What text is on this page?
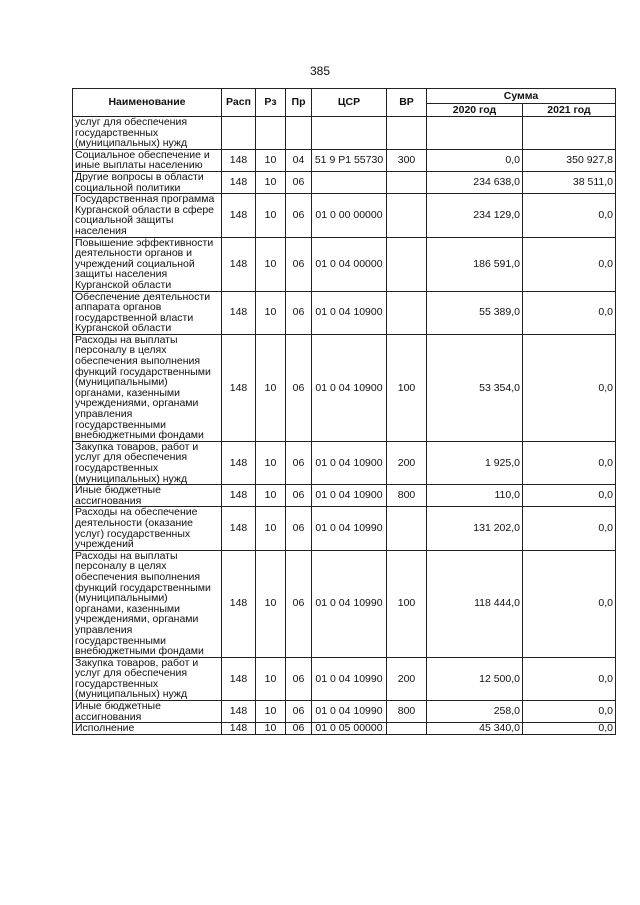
385
Наименование	Расп	Рз	Пр	ЦСР	ВР	Сумма	
						2020 год	2021 год
услуг для обеспечения государственных (муниципальных) нужд							
Социальное обеспечение и иные выплаты населению	148	10	04	51 9 Р1 55730	300	0,0	350 927,8
Другие вопросы в области социальной политики	148	10	06			234 638,0	38 511,0
Государственная программа Курганской области в сфере социальной защиты населения	148	10	06	01 0 00 00000		234 129,0	0,0
Повышение эффективности деятельности органов и учреждений социальной защиты населения Курганской области	148	10	06	01 0 04 00000		186 591,0	0,0
Обеспечение деятельности аппарата органов государственной власти Курганской области	148	10	06	01 0 04 10900		55 389,0	0,0
Расходы на выплаты персоналу в целях обеспечения выполнения функций государственными (муниципальными) органами, казенными учреждениями, органами управления государственными внебюджетными фондами	148	10	06	01 0 04 10900	100	53 354,0	0,0
Закупка товаров, работ и услуг для обеспечения государственных (муниципальных) нужд	148	10	06	01 0 04 10900	200	1 925,0	0,0
Иные бюджетные ассигнования	148	10	06	01 0 04 10900	800	110,0	0,0
Расходы на обеспечение деятельности (оказание услуг) государственных учреждений	148	10	06	01 0 04 10990		131 202,0	0,0
Расходы на выплаты персоналу в целях обеспечения выполнения функций государственными (муниципальными) органами, казенными учреждениями, органами управления государственными внебюджетными фондами	148	10	06	01 0 04 10990	100	118 444,0	0,0
Закупка товаров, работ и услуг для обеспечения государственных (муниципальных) нужд	148	10	06	01 0 04 10990	200	12 500,0	0,0
Иные бюджетные ассигнования	148	10	06	01 0 04 10990	800	258,0	0,0
Исполнение	148	10	06	01 0 05 00000		45 340,0	0,0
